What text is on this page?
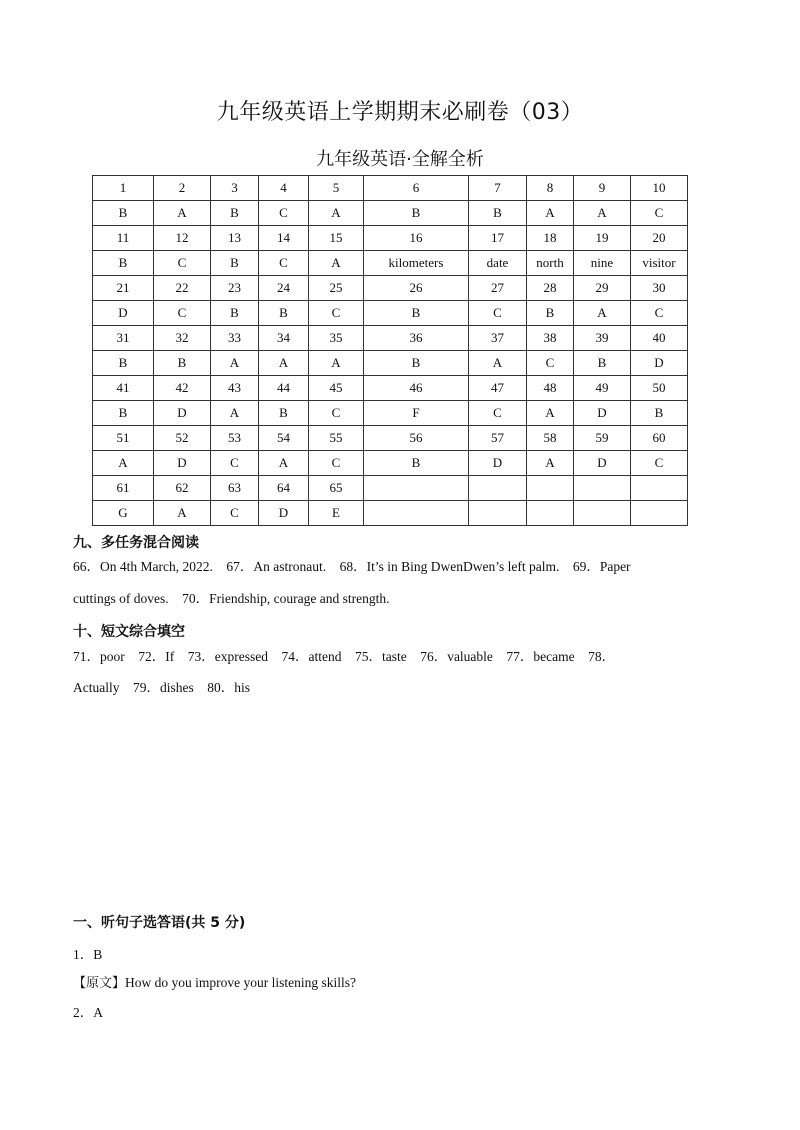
九年级英语上学期期末必刷卷（03）
九年级英语·全解全析
1	2	3	4	5	6	7	8	9	10
B	A	B	C	A	B	B	A	A	C
11	12	13	14	15	16	17	18	19	20
B	C	B	C	A	kilometers	date	north	nine	visitor
21	22	23	24	25	26	27	28	29	30
D	C	B	B	C	B	C	B	A	C
31	32	33	34	35	36	37	38	39	40
B	B	A	A	A	B	A	C	B	D
41	42	43	44	45	46	47	48	49	50
B	D	A	B	C	F	C	A	D	B
51	52	53	54	55	56	57	58	59	60
A	D	C	A	C	B	D	A	D	C
61	62	63	64	65					
G	A	C	D	E					
九、多任务混合阅读
66．On 4th March, 2022.　67．An astronaut.　68．It’s in Bing DwenDwen’s left palm.　69．Paper
cuttings of doves.　70．Friendship, courage and strength.
十、短文综合填空
71．poor　72．If　73．expressed　74．attend　75．taste　76．valuable　77．became　78．
Actually　79．dishes　80．his
一、听句子选答语(共 5 分)
1．B
【原文】How do you improve your listening skills?
2．A
